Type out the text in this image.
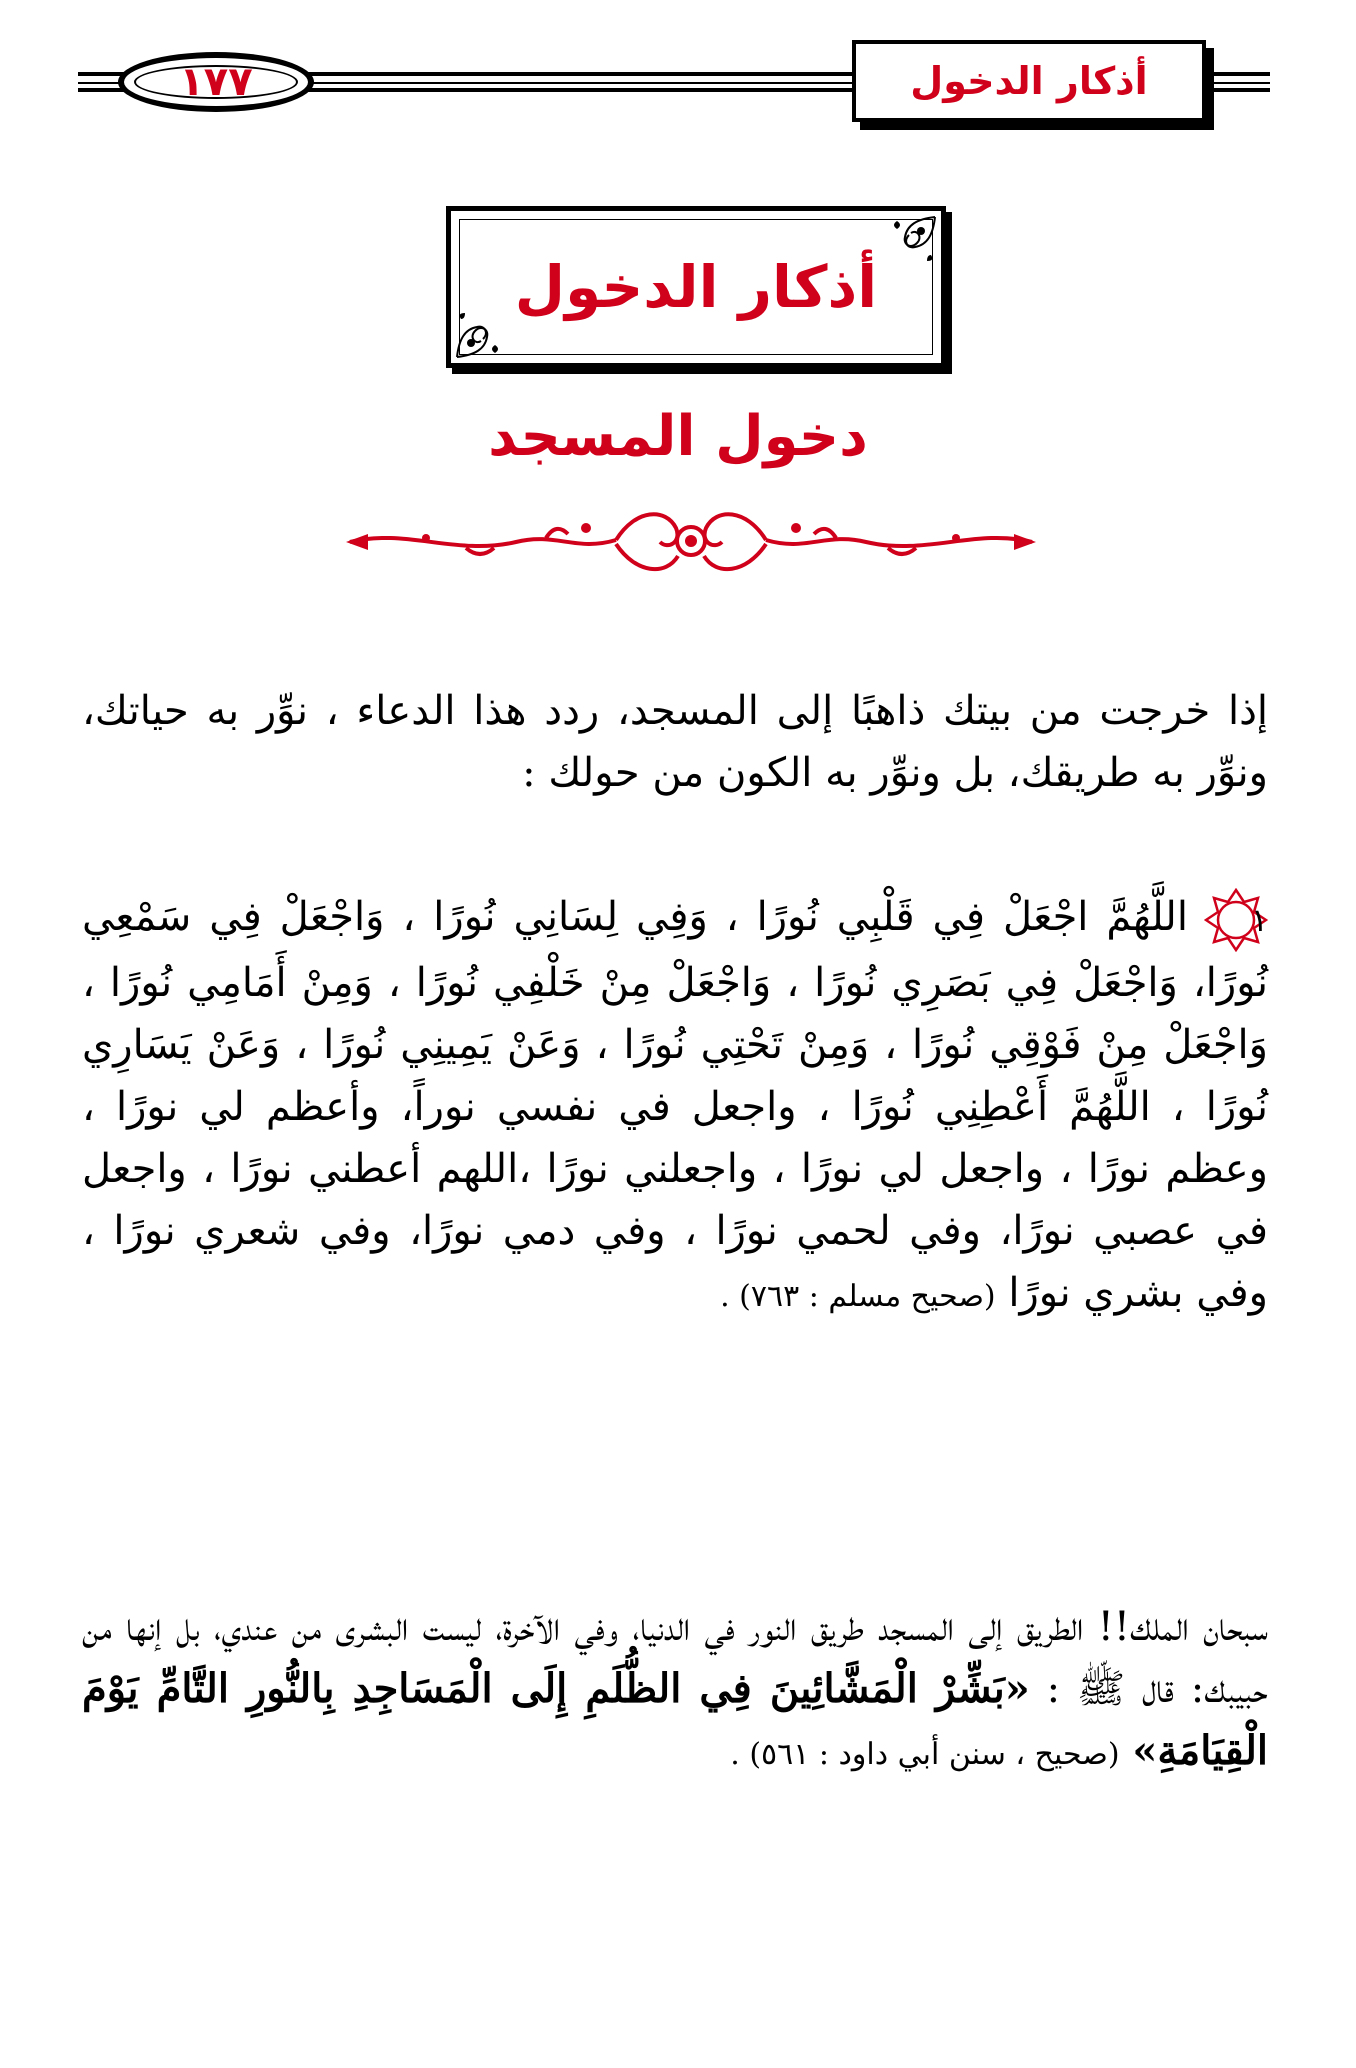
١٧٧	أذكار الدخول
أذكار الدخول
دخول المسجد
إذا خرجت من بيتك ذاهبًا إلى المسجد، ردد هذا الدعاء ، نوِّر به حياتك، ونوِّر به طريقك، بل ونوِّر به الكون من حولك :
١
اللَّهُمَّ اجْعَلْ فِي قَلْبِي نُورًا ، وَفِي لِسَانِي نُورًا ، وَاجْعَلْ فِي سَمْعِي نُورًا، وَاجْعَلْ فِي بَصَرِي نُورًا ، وَاجْعَلْ مِنْ خَلْفِي نُورًا ، وَمِنْ أَمَامِي نُورًا ، وَاجْعَلْ مِنْ فَوْقِي نُورًا ، وَمِنْ تَحْتِي نُورًا ، وَعَنْ يَمِينِي نُورًا ، وَعَنْ يَسَارِي نُورًا ، اللَّهُمَّ أَعْطِنِي نُورًا ، واجعل في نفسي نوراً، وأعظم لي نورًا ، وعظم نورًا ، واجعل لي نورًا ، واجعلني نورًا ،اللهم أعطني نورًا ، واجعل في عصبي نورًا، وفي لحمي نورًا ، وفي دمي نورًا، وفي شعري نورًا ، وفي بشري نورًا (صحيح مسلم : ٧٦٣) .
سبحان الملك!! الطريق إلى المسجد طريق النور في الدنيا، وفي الآخرة، ليست البشرى من عندي، بل إنها من حبيبك: قال ﷺ : «بَشِّرْ الْمَشَّائِينَ فِي الظُّلَمِ إِلَى الْمَسَاجِدِ بِالنُّورِ التَّامِّ يَوْمَ الْقِيَامَةِ» (صحيح ، سنن أبي داود : ٥٦١) .
